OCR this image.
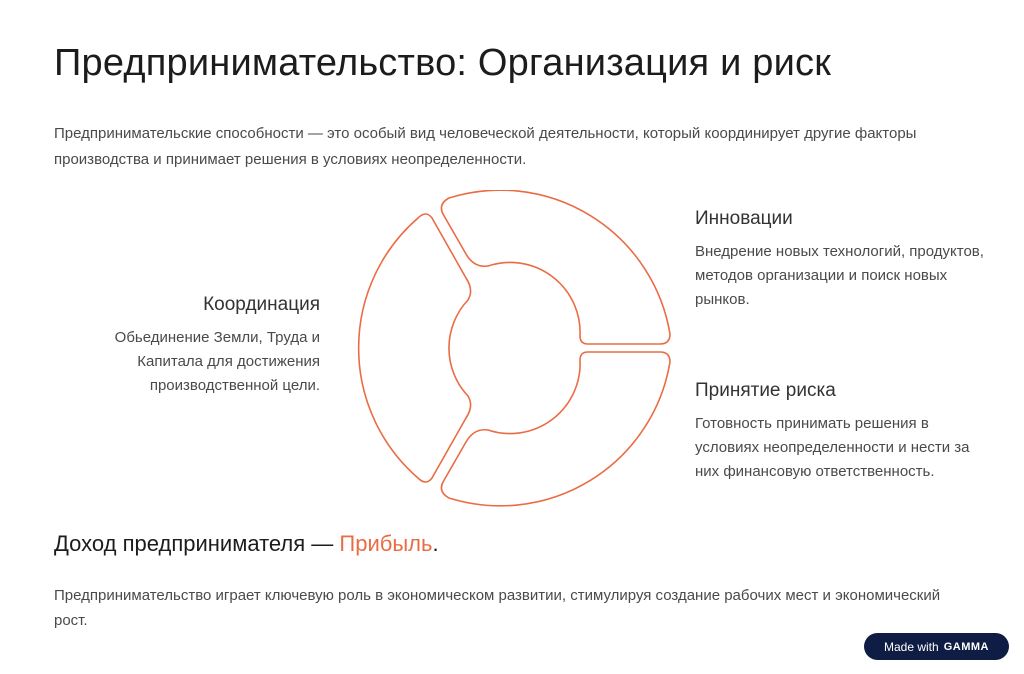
Предпринимательство: Организация и риск

Предпринимательские способности — это особый вид человеческой деятельности, который координирует другие факторы производства и принимает решения в условиях неопределенности.

Координация

Обьединение Земли, Труда и Капитала для достижения производственной цели.

Инновации

Внедрение новых технологий, продуктов, методов организации и поиск новых рынков.

Принятие риска

Готовность принимать решения в условиях неопределенности и нести за них финансовую ответственность.

Доход предпринимателя — Прибыль.

Предпринимательство играет ключевую роль в экономическом развитии, стимулируя создание рабочих мест и экономический рост.

Made with GAMMA
